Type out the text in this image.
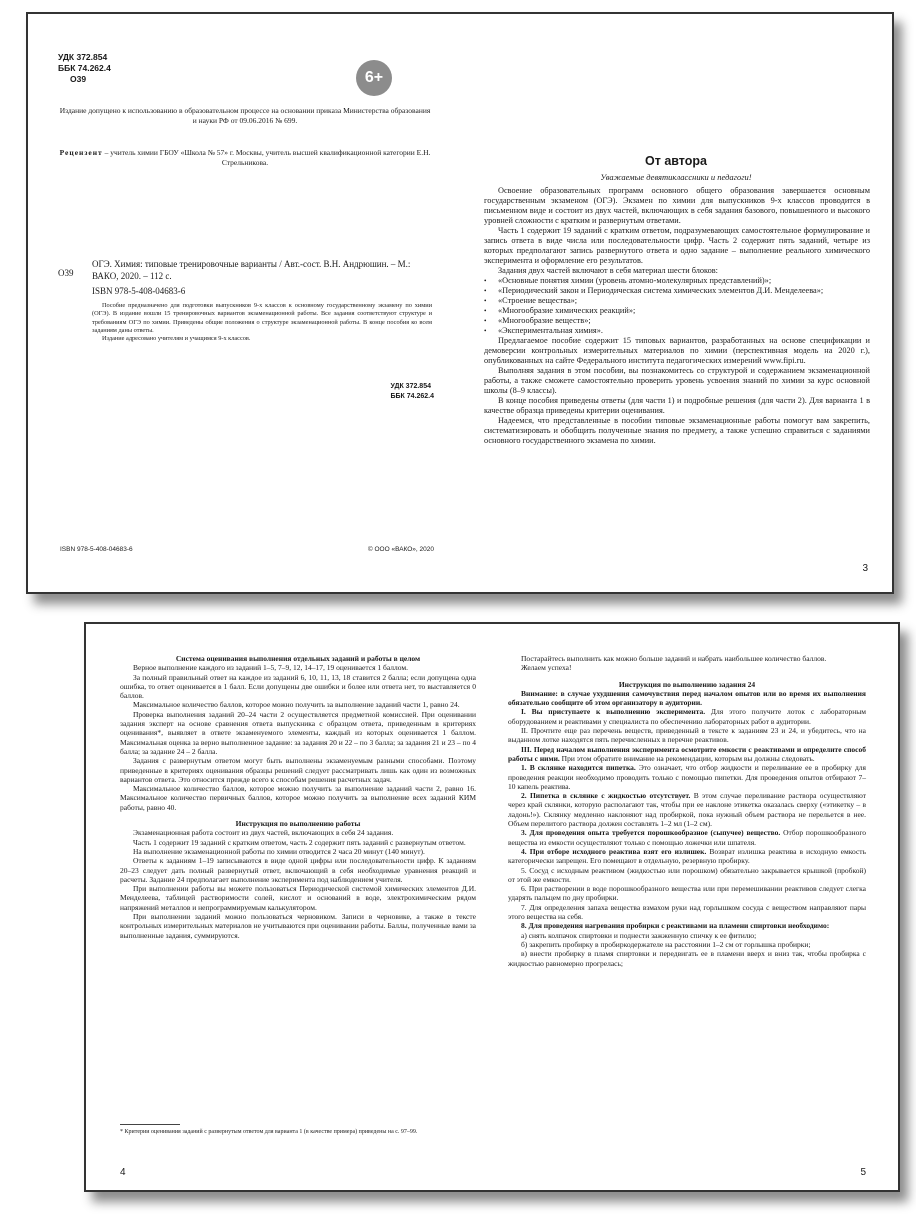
УДК 372.854
ББК 74.262.4
О39	6+
Издание допущено к использованию в образовательном процессе на основании приказа Министерства образования и науки РФ от 09.06.2016 № 699.
Рецензент – учитель химии ГБОУ «Школа № 57» г. Москвы, учитель высшей квалификационной категории Е.Н. Стрельникова.
О39
ОГЭ. Химия: типовые тренировочные варианты / Авт.-сост. В.Н. Андрюшин. – М.: ВАКО, 2020. – 112 с.
ISBN 978-5-408-04683-6

Пособие предназначено для подготовки выпускников 9-х классов к основному государственному экзамену по химии (ОГЭ). В издание вошли 15 тренировочных вариантов экзаменационной работы. Все задания соответствуют структуре и требованиям ОГЭ по химии. Приведены общие положения о структуре экзаменационной работы. В конце пособия ко всем заданиям даны ответы.

Издание адресовано учителям и учащимся 9-х классов.

УДК 372.854
ББК 74.262.4
ISBN 978-5-408-04683-6	© ООО «ВАКО», 2020
От автора
Уважаемые девятиклассники и педагоги!

Освоение образовательных программ основного общего образования завершается основным государственным экзаменом (ОГЭ). Экзамен по химии для выпускников 9-х классов проводится в письменном виде и состоит из двух частей, включающих в себя задания базового, повышенного и высокого уровней сложности с кратким и развернутым ответами.

Часть 1 содержит 19 заданий с кратким ответом, подразумевающих самостоятельное формулирование и запись ответа в виде числа или последовательности цифр. Часть 2 содержит пять заданий, четыре из которых предполагают запись развернутого ответа и одно задание – выполнение реального химического эксперимента и оформление его результатов.

Задания двух частей включают в себя материал шести блоков:

• «Основные понятия химии (уровень атомно-молекулярных представлений)»;
• «Периодический закон и Периодическая система химических элементов Д.И. Менделеева»;
• «Строение вещества»;
• «Многообразие химических реакций»;
• «Многообразие веществ»;
• «Экспериментальная химия».

Предлагаемое пособие содержит 15 типовых вариантов, разработанных на основе спецификации и демоверсии контрольных измерительных материалов по химии (перспективная модель на 2020 г.), опубликованных на сайте Федерального института педагогических измерений www.fipi.ru.

Выполняя задания в этом пособии, вы познакомитесь со структурой и содержанием экзаменационной работы, а также сможете самостоятельно проверить уровень усвоения знаний по химии за курс основной школы (8–9 классы).

В конце пособия приведены ответы (для части 1) и подробные решения (для части 2). Для варианта 1 в качестве образца приведены критерии оценивания.

Надеемся, что представленные в пособии типовые экзаменационные работы помогут вам закрепить, систематизировать и обобщить полученные знания по предмету, а также успешно справиться с заданиями основного государственного экзамена по химии.

3
Система оценивания выполнения отдельных заданий и работы в целом

Верное выполнение каждого из заданий 1–5, 7–9, 12, 14–17, 19 оценивается 1 баллом.

За полный правильный ответ на каждое из заданий 6, 10, 11, 13, 18 ставится 2 балла; если допущена одна ошибка, то ответ оценивается в 1 балл. Если допущены две ошибки и более или ответа нет, то выставляется 0 баллов.

Максимальное количество баллов, которое можно получить за выполнение заданий части 1, равно 24.

Проверка выполнения заданий 20–24 части 2 осуществляется предметной комиссией. При оценивании задания эксперт на основе сравнения ответа выпускника с образцом ответа, приведенным в критериях оценивания*, выявляет в ответе экзаменуемого элементы, каждый из которых оценивается 1 баллом. Максимальная оценка за верно выполненное задание: за задания 20 и 22 – по 3 балла; за задания 21 и 23 – по 4 балла; за задание 24 – 2 балла.

Задания с развернутым ответом могут быть выполнены экзаменуемым разными способами. Поэтому приведенные в критериях оценивания образцы решений следует рассматривать лишь как один из возможных вариантов ответа. Это относится прежде всего к способам решения расчетных задач.

Максимальное количество баллов, которое можно получить за выполнение заданий части 2, равно 16. Максимальное количество первичных баллов, которое можно получить за выполнение всех заданий КИМ работы, равно 40.

Инструкция по выполнению работы

Экзаменационная работа состоит из двух частей, включающих в себя 24 задания.

Часть 1 содержит 19 заданий с кратким ответом, часть 2 содержит пять заданий с развернутым ответом.

На выполнение экзаменационной работы по химии отводится 2 часа 20 минут (140 минут).

Ответы к заданиям 1–19 записываются в виде одной цифры или последовательности цифр. К заданиям 20–23 следует дать полный развернутый ответ, включающий в себя необходимые уравнения реакций и расчеты. Задание 24 предполагает выполнение эксперимента под наблюдением учителя.

При выполнении работы вы можете пользоваться Периодической системой химических элементов Д.И. Менделеева, таблицей растворимости солей, кислот и оснований в воде, электрохимическим рядом напряжений металлов и непрограммируемым калькулятором.

При выполнении заданий можно пользоваться черновиком. Записи в черновике, а также в тексте контрольных измерительных материалов не учитываются при оценивании работы. Баллы, полученные вами за выполненные задания, суммируются.

* Критерии оценивания заданий с развернутым ответом для варианта 1 (в качестве примера) приведены на с. 97–99.
4

Постарайтесь выполнить как можно больше заданий и набрать наибольшее количество баллов.

Желаем успеха!

Инструкция по выполнению задания 24

Внимание: в случае ухудшения самочувствия перед началом опытов или во время их выполнения обязательно сообщите об этом организатору в аудитории.

I. Вы приступаете к выполнению эксперимента. Для этого получите лоток с лабораторным оборудованием и реактивами у специалиста по обеспечению лабораторных работ в аудитории.

II. Прочтите еще раз перечень веществ, приведенный в тексте к заданиям 23 и 24, и убедитесь, что на выданном лотке находятся пять перечисленных в перечне реактивов.

III. Перед началом выполнения эксперимента осмотрите емкости с реактивами и определите способ работы с ними. При этом обратите внимание на рекомендации, которым вы должны следовать.

1. В склянке находится пипетка. Это означает, что отбор жидкости и переливание ее в пробирку для проведения реакции необходимо проводить только с помощью пипетки. Для проведения опытов отбирают 7–10 капель реактива.

2. Пипетка в склянке с жидкостью отсутствует. В этом случае переливание раствора осуществляют через край склянки, которую располагают так, чтобы при ее наклоне этикетка оказалась сверху («этикетку – в ладонь!»). Склянку медленно наклоняют над пробиркой, пока нужный объем раствора не перельется в нее. Объем перелитого раствора должен составлять 1–2 мл (1–2 см).

3. Для проведения опыта требуется порошкообразное (сыпучее) вещество. Отбор порошкообразного вещества из емкости осуществляют только с помощью ложечки или шпателя.

4. При отборе исходного реактива взят его излишек. Возврат излишка реактива в исходную емкость категорически запрещен. Его помещают в отдельную, резервную пробирку.

5. Сосуд с исходным реактивом (жидкостью или порошком) обязательно закрывается крышкой (пробкой) от этой же емкости.

6. При растворении в воде порошкообразного вещества или при перемешивании реактивов следует слегка ударять пальцем по дну пробирки.

7. Для определения запаха вещества взмахом руки над горлышком сосуда с веществом направляют пары этого вещества на себя.

8. Для проведения нагревания пробирки с реактивами на пламени спиртовки необходимо:

а) снять колпачок спиртовки и поднести зажженную спичку к ее фитилю;

б) закрепить пробирку в пробиркодержателе на расстоянии 1–2 см от горлышка пробирки;

в) внести пробирку в пламя спиртовки и передвигать ее в пламени вверх и вниз так, чтобы пробирка с жидкостью равномерно прогрелась;

5
